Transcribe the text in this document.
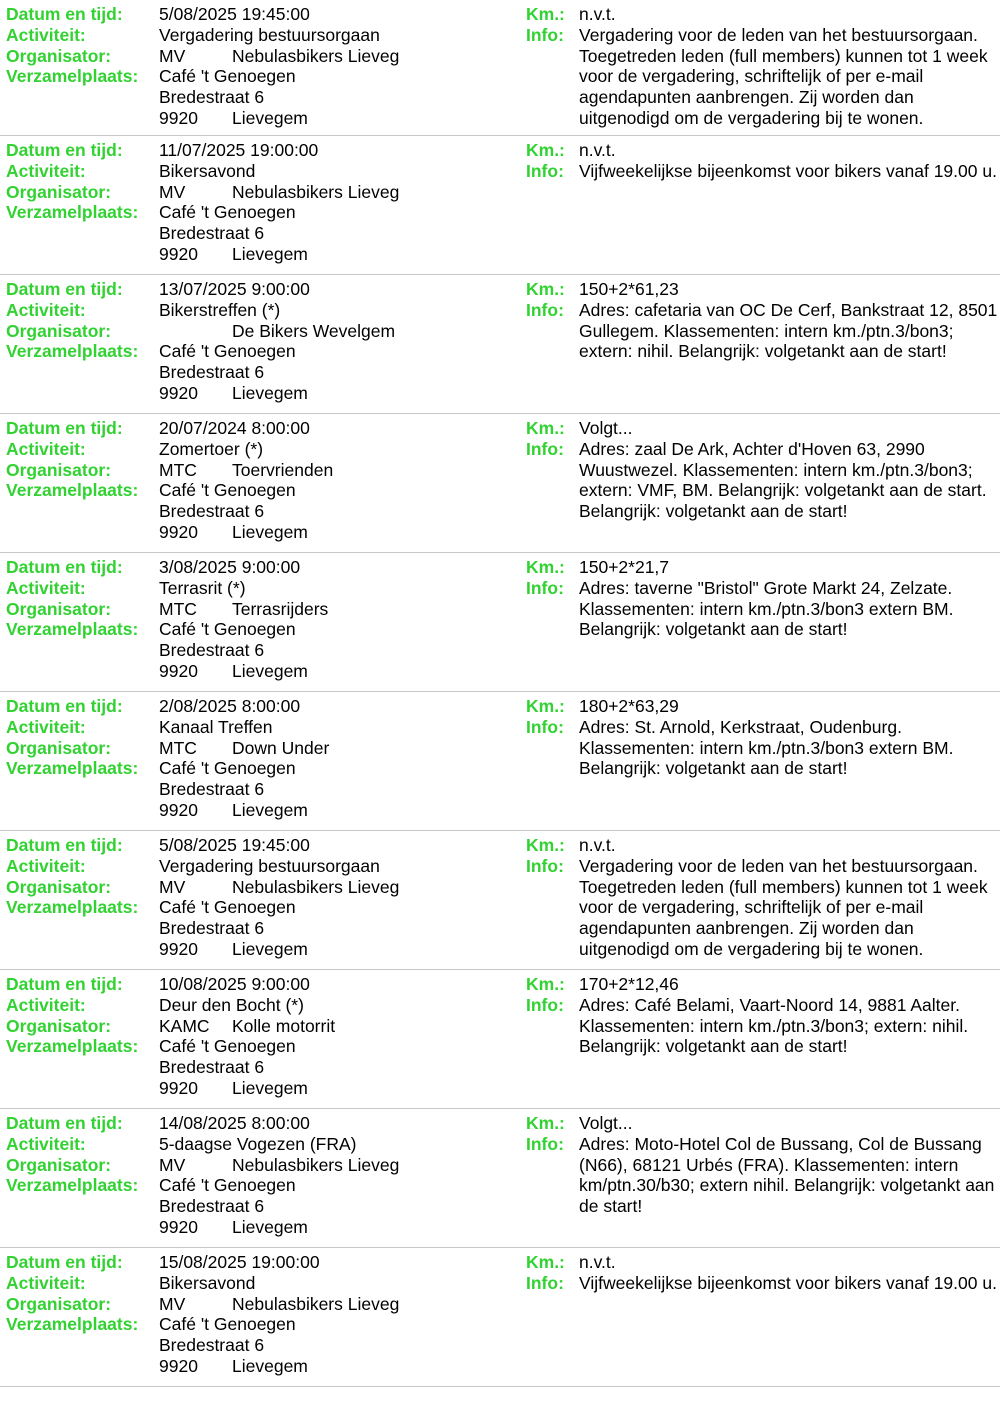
Datum en tijd: 5/08/2025 19:45:00
Activiteit:	Vergadering bestuursorgaan
Organisator:	MV	Nebulasbikers Lieveg
Verzamelplaats: Café 't Genoegen
Bredestraat 6
9920 Lievegem
Km.: n.v.t.
Info: Vergadering voor de leden van het bestuursorgaan. Toegetreden leden (full members) kunnen tot 1 week voor de vergadering, schriftelijk of per e-mail agendapunten aanbrengen. Zij worden dan uitgenodigd om de vergadering bij te wonen.
Datum en tijd: 11/07/2025 19:00:00
Activiteit:	Bikersavond
Organisator:	MV	Nebulasbikers Lieveg
Verzamelplaats: Café 't Genoegen
Bredestraat 6
9920 Lievegem
Km.: n.v.t.
Info: Vijfweekelijkse bijeenkomst voor bikers vanaf 19.00 u.
Datum en tijd: 13/07/2025 9:00:00
Activiteit:	Bikerstreffen (*)
Organisator:	De Bikers Wevelgem
Verzamelplaats: Café 't Genoegen
Bredestraat 6
9920 Lievegem
Km.: 150+2*61,23
Info: Adres: cafetaria van OC De Cerf, Bankstraat 12, 8501 Gullegem. Klassementen: intern km./ptn.3/bon3; extern: nihil. Belangrijk: volgetankt aan de start!
Datum en tijd: 20/07/2024 8:00:00
Activiteit:	Zomertoer (*)
Organisator:	MTC Toervrienden
Verzamelplaats: Café 't Genoegen
Bredestraat 6
9920 Lievegem
Km.: Volgt...
Info: Adres: zaal De Ark, Achter d'Hoven 63, 2990 Wuustwezel. Klassementen: intern km./ptn.3/bon3; extern: VMF, BM. Belangrijk: volgetankt aan de start. Belangrijk: volgetankt aan de start!
Datum en tijd: 3/08/2025 9:00:00
Activiteit:	Terrasrit (*)
Organisator:	MTC Terrasrijders
Verzamelplaats: Café 't Genoegen
Bredestraat 6
9920 Lievegem
Km.: 150+2*21,7
Info: Adres: taverne "Bristol" Grote Markt 24, Zelzate. Klassementen: intern km./ptn.3/bon3 extern BM. Belangrijk: volgetankt aan de start!
Datum en tijd: 2/08/2025 8:00:00
Activiteit:	Kanaal Treffen
Organisator:	MTC Down Under
Verzamelplaats: Café 't Genoegen
Bredestraat 6
9920 Lievegem
Km.: 180+2*63,29
Info: Adres: St. Arnold, Kerkstraat, Oudenburg. Klassementen: intern km./ptn.3/bon3 extern BM. Belangrijk: volgetankt aan de start!
Datum en tijd: 5/08/2025 19:45:00
Activiteit:	Vergadering bestuursorgaan
Organisator:	MV	Nebulasbikers Lieveg
Verzamelplaats: Café 't Genoegen
Bredestraat 6
9920 Lievegem
Km.: n.v.t.
Info: Vergadering voor de leden van het bestuursorgaan. Toegetreden leden (full members) kunnen tot 1 week voor de vergadering, schriftelijk of per e-mail agendapunten aanbrengen. Zij worden dan uitgenodigd om de vergadering bij te wonen.
Datum en tijd: 10/08/2025 9:00:00
Activiteit:	Deur den Bocht (*)
Organisator:	KAMC Kolle motorrit
Verzamelplaats: Café 't Genoegen
Bredestraat 6
9920 Lievegem
Km.: 170+2*12,46
Info: Adres: Café Belami, Vaart-Noord 14, 9881 Aalter. Klassementen: intern km./ptn.3/bon3; extern: nihil. Belangrijk: volgetankt aan de start!
Datum en tijd: 14/08/2025 8:00:00
Activiteit:	5-daagse Vogezen (FRA)
Organisator:	MV	Nebulasbikers Lieveg
Verzamelplaats: Café 't Genoegen
Bredestraat 6
9920 Lievegem
Km.: Volgt...
Info: Adres: Moto-Hotel Col de Bussang, Col de Bussang (N66), 68121 Urbés (FRA). Klassementen: intern km/ptn.30/b30; extern nihil. Belangrijk: volgetankt aan de start!
Datum en tijd: 15/08/2025 19:00:00
Activiteit:	Bikersavond
Organisator:	MV	Nebulasbikers Lieveg
Verzamelplaats: Café 't Genoegen
Bredestraat 6
9920 Lievegem
Km.: n.v.t.
Info: Vijfweekelijkse bijeenkomst voor bikers vanaf 19.00 u.
